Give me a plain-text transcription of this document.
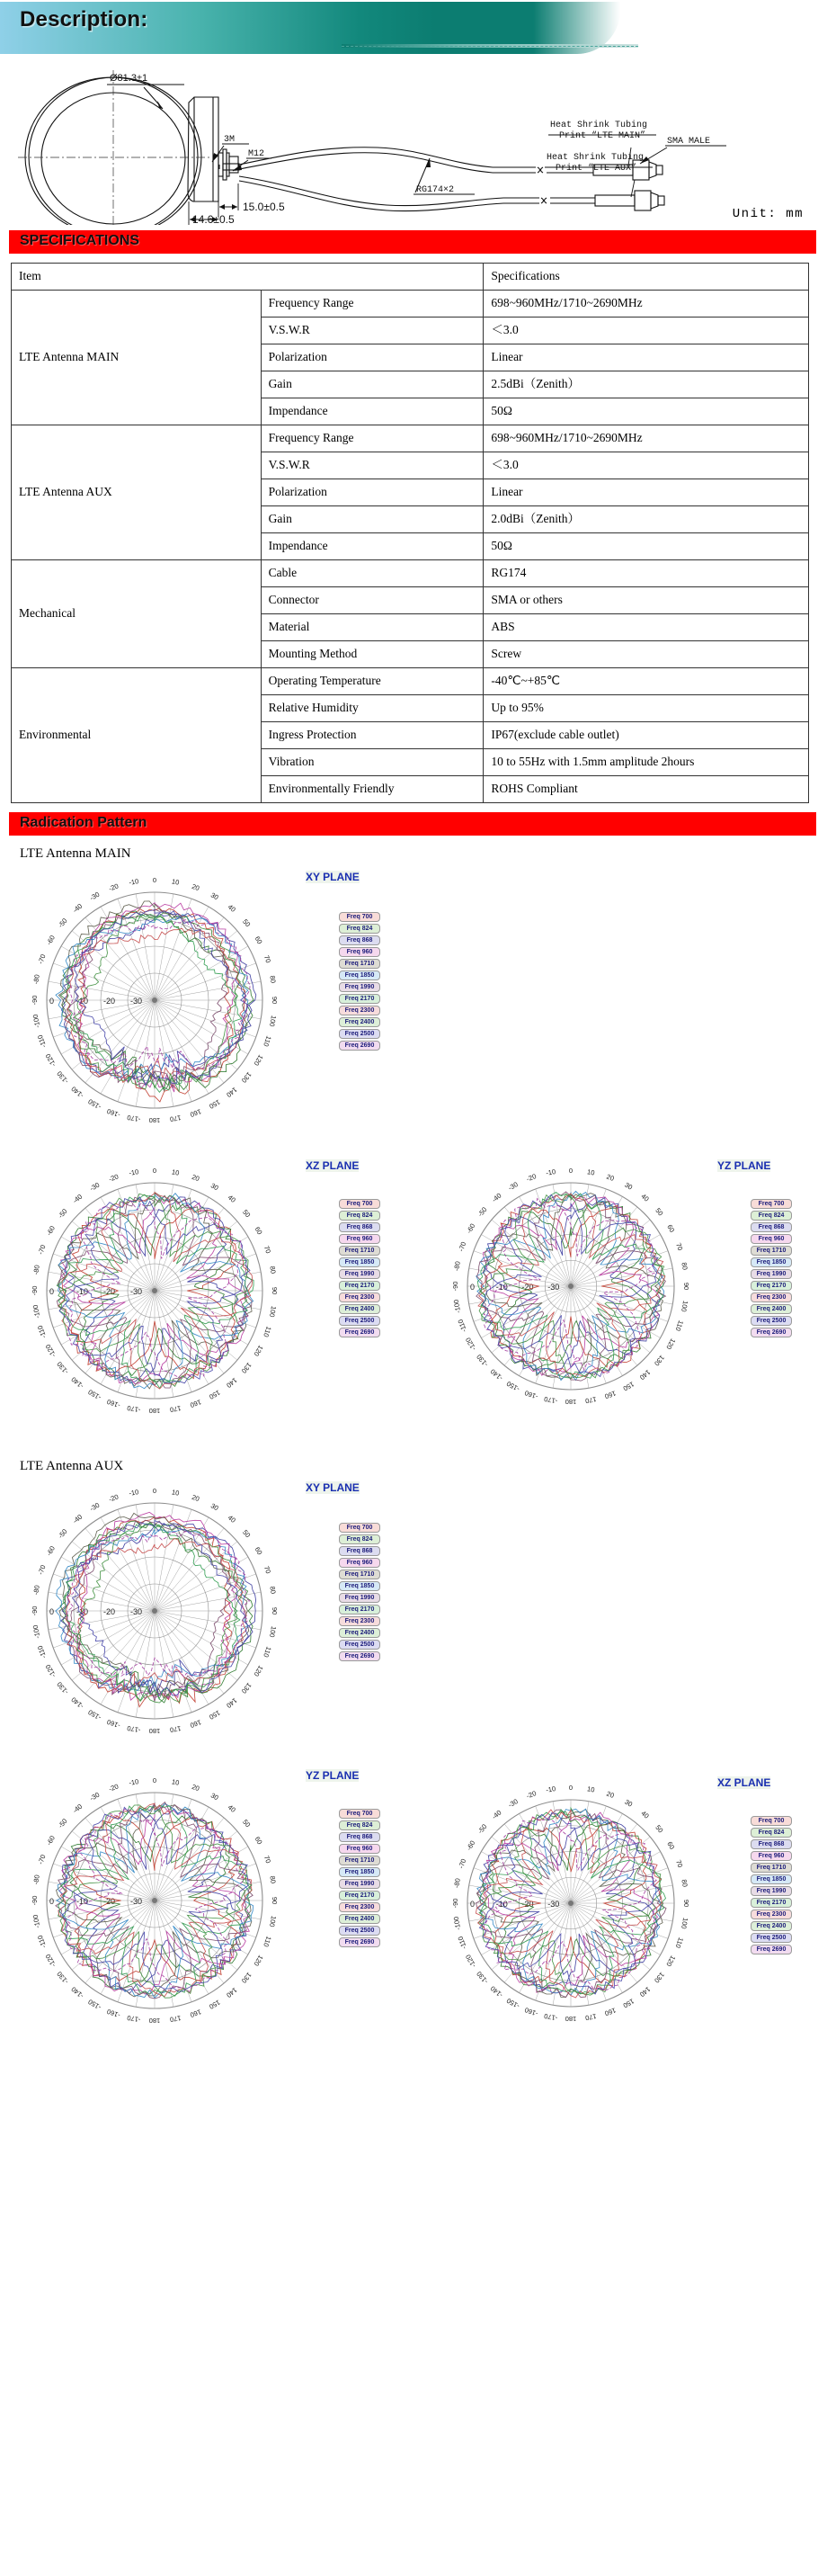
Description:
Ø81.3±1
3M
M12
RG174×2
Heat Shrink Tubing
Print “LTE MAIN”
Heat Shrink Tubing
Print “LTE AUX”
SMA MALE
15.0±0.5
14.6±0.5	Unit: mm
SPECIFICATIONS
Item		Specifications
LTE Antenna MAIN	Frequency Range	698~960MHz/1710~2690MHz
	V.S.W.R	＜3.0
	Polarization	Linear
	Gain	2.5dBi（Zenith）
	Impendance	50Ω
LTE Antenna AUX	Frequency Range	698~960MHz/1710~2690MHz
	V.S.W.R	＜3.0
	Polarization	Linear
	Gain	2.0dBi（Zenith）
	Impendance	50Ω
Mechanical	Cable	RG174
	Connector	SMA or others
	Material	ABS
	Mounting Method	Screw
Environmental	Operating Temperature	-40℃~+85℃
	Relative Humidity	Up to 95%
	Ingress Protection	IP67(exclude cable outlet)
	Vibration	10 to 55Hz with 1.5mm amplitude 2hours
	Environmentally Friendly	ROHS Compliant
Radication Pattern
LTE Antenna MAIN
0 10
20
30
40
50
60
70
80
90
100
110
120
130
140
150
160
170
180
-170
-160
-150
-140
-130
-120
-110
-100
-90
-80
-70
-60
-50
-40
-30
-20 -10
0	-10 -20 -30
XY PLANE
Freq 700
Freq 824
Freq 868
Freq 960
Freq 1710
Freq 1850
Freq 1990
Freq 2170
Freq 2300
Freq 2400
Freq 2500
Freq 2690
0 10
20
30
40
50
60
70
80
90
100
110
120
130
140
150
160
170
180
-170
-160
-150
-140
-130
-120
-110
-100
-90
-80
-70
-60
-50
-40
-30
-20 -10
0	-10 -20 -30
XZ PLANE
Freq 700
Freq 824
Freq 868
Freq 960
Freq 1710
Freq 1850
Freq 1990
Freq 2170
Freq 2300
Freq 2400
Freq 2500
Freq 2690
0 10
20
30
40
50
60
70
80
90
100
110
120
130
140
150
160
170
180
-170
-160
-150
-140
-130
-120
-110
-100
-90
-80
-70
-60
-50
-40
-30
-20 -10
0	-10 -20 -30
YZ PLANE
Freq 700
Freq 824
Freq 868
Freq 960
Freq 1710
Freq 1850
Freq 1990
Freq 2170
Freq 2300
Freq 2400
Freq 2500
Freq 2690
LTE Antenna AUX
0 10
20
30
40
50
60
70
80
90
100
110
120
130
140
150
160
170
180
-170
-160
-150
-140
-130
-120
-110
-100
-90
-80
-70
-60
-50
-40
-30
-20 -10
0	-10 -20 -30
XY PLANE
Freq 700
Freq 824
Freq 868
Freq 960
Freq 1710
Freq 1850
Freq 1990
Freq 2170
Freq 2300
Freq 2400
Freq 2500
Freq 2690
0 10
20
30
40
50
60
70
80
90
100
110
120
130
140
150
160
170
180
-170
-160
-150
-140
-130
-120
-110
-100
-90
-80
-70
-60
-50
-40
-30
-20 -10
0	-10 -20 -30
YZ PLANE
Freq 700
Freq 824
Freq 868
Freq 960
Freq 1710
Freq 1850
Freq 1990
Freq 2170
Freq 2300
Freq 2400
Freq 2500
Freq 2690
0 10
20
30
40
50
60
70
80
90
100
110
120
130
140
150
160
170
180
-170
-160
-150
-140
-130
-120
-110
-100
-90
-80
-70
-60
-50
-40
-30
-20 -10
0	-10 -20 -30
XZ PLANE
Freq 700
Freq 824
Freq 868
Freq 960
Freq 1710
Freq 1850
Freq 1990
Freq 2170
Freq 2300
Freq 2400
Freq 2500
Freq 2690
